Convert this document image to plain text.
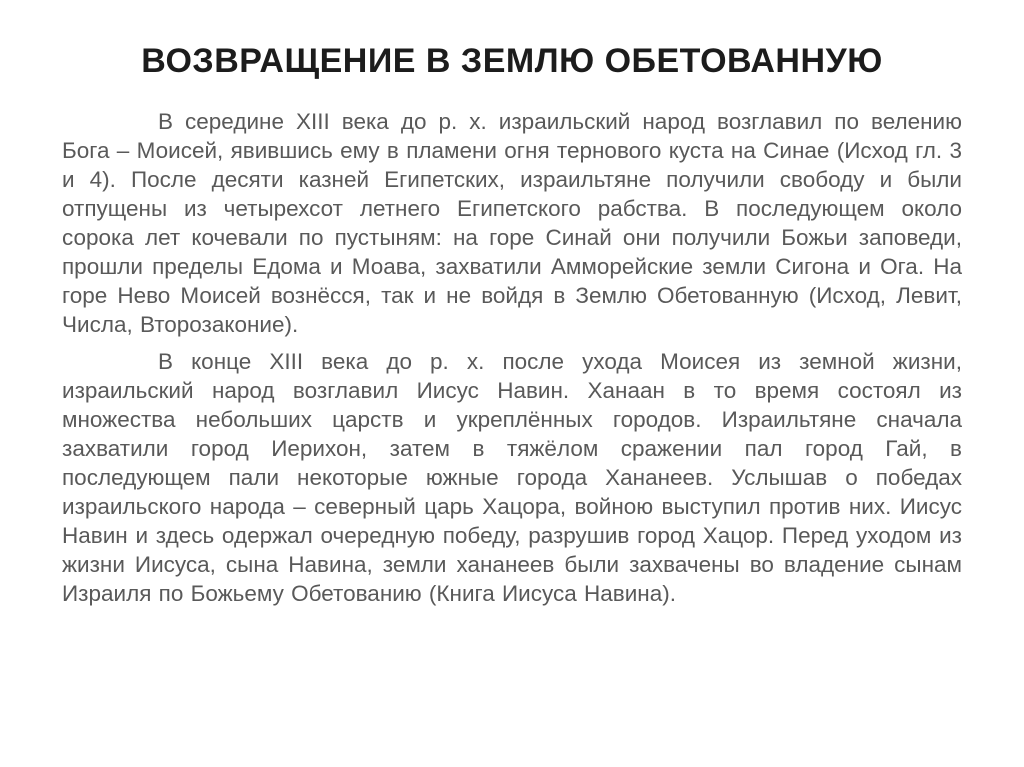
ВОЗВРАЩЕНИЕ В ЗЕМЛЮ ОБЕТОВАННУЮ

В середине XIII века до р. х. израильский народ возглавил по велению Бога – Моисей, явившись ему в пламени огня тернового куста на Синае (Исход гл. 3 и 4). После десяти казней Египетских, израильтяне получили свободу и были отпущены из четырехсот летнего Египетского рабства. В последующем около сорока лет кочевали по пустыням: на горе Синай они получили Божьи заповеди, прошли пределы Едома и Моава, захватили Амморейские земли Сигона и Ога. На горе Нево Моисей вознёсся, так и не войдя в Землю Обетованную (Исход, Левит, Числа, Второзаконие).

В конце XIII века до р. х. после ухода Моисея из земной жизни, израильский народ возглавил Иисус Навин. Ханаан в то время состоял из множества небольших царств и укреплённых городов. Израильтяне сначала захватили город Иерихон, затем в тяжёлом сражении пал город Гай, в последующем пали некоторые южные города Хананеев. Услышав о победах израильского народа – северный царь Хацора, войною выступил против них. Иисус Навин и здесь одержал очередную победу, разрушив город Хацор. Перед уходом из жизни Иисуса, сына Навина, земли хананеев были захвачены во владение сынам Израиля по Божьему Обетованию (Книга Иисуса Навина).
